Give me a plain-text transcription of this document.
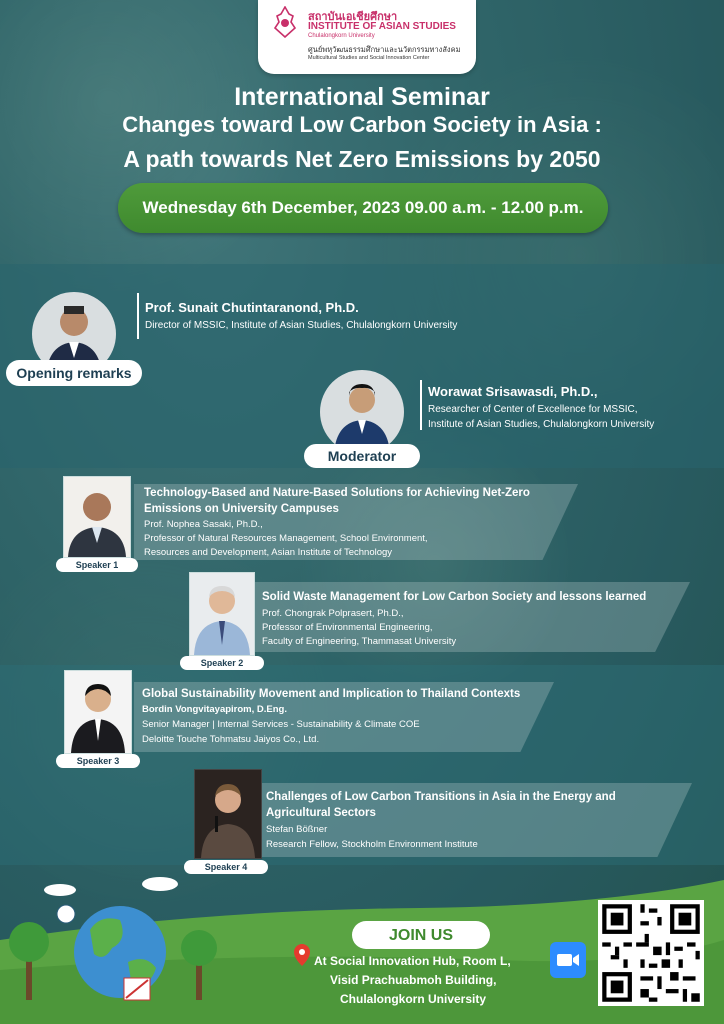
สถาบันเอเชียศึกษา
INSTITUTE OF ASIAN STUDIES
Chulalongkorn University
ศูนย์พหุวัฒนธรรมศึกษาและนวัตกรรมทางสังคม
Multicultural Studies and Social Innovation Center
International Seminar
Changes toward Low Carbon Society in Asia :
A path towards Net Zero Emissions by 2050
Wednesday 6th December, 2023 09.00 a.m. - 12.00 p.m.
Opening remarks
Prof. Sunait Chutintaranond, Ph.D.
Director of MSSIC, Institute of Asian Studies, Chulalongkorn University
Moderator
Worawat Srisawasdi, Ph.D.,
Researcher of Center of Excellence for MSSIC,
Institute of Asian Studies, Chulalongkorn University
Speaker 1
Technology-Based and Nature-Based Solutions for Achieving Net-Zero
Emissions on University Campuses
Prof. Nophea Sasaki, Ph.D.,
Professor of Natural Resources Management, School Environment,
Resources and Development, Asian Institute of Technology
Speaker 2
Solid Waste Management for Low Carbon Society and lessons learned
Prof. Chongrak Polprasert, Ph.D.,
Professor of Environmental Engineering,
Faculty of Engineering, Thammasat University
Speaker 3
Global Sustainability Movement and Implication to Thailand Contexts
Bordin Vongvitayapirom, D.Eng.
Senior Manager | Internal Services - Sustainability & Climate COE
Deloitte Touche Tohmatsu Jaiyos Co., Ltd.
Speaker 4
Challenges of Low Carbon Transitions in Asia in the Energy and
Agricultural Sectors
Stefan Bößner
Research Fellow, Stockholm Environment Institute
JOIN US
At Social Innovation Hub, Room L,
Visid Prachuabmoh Building,
Chulalongkorn University
